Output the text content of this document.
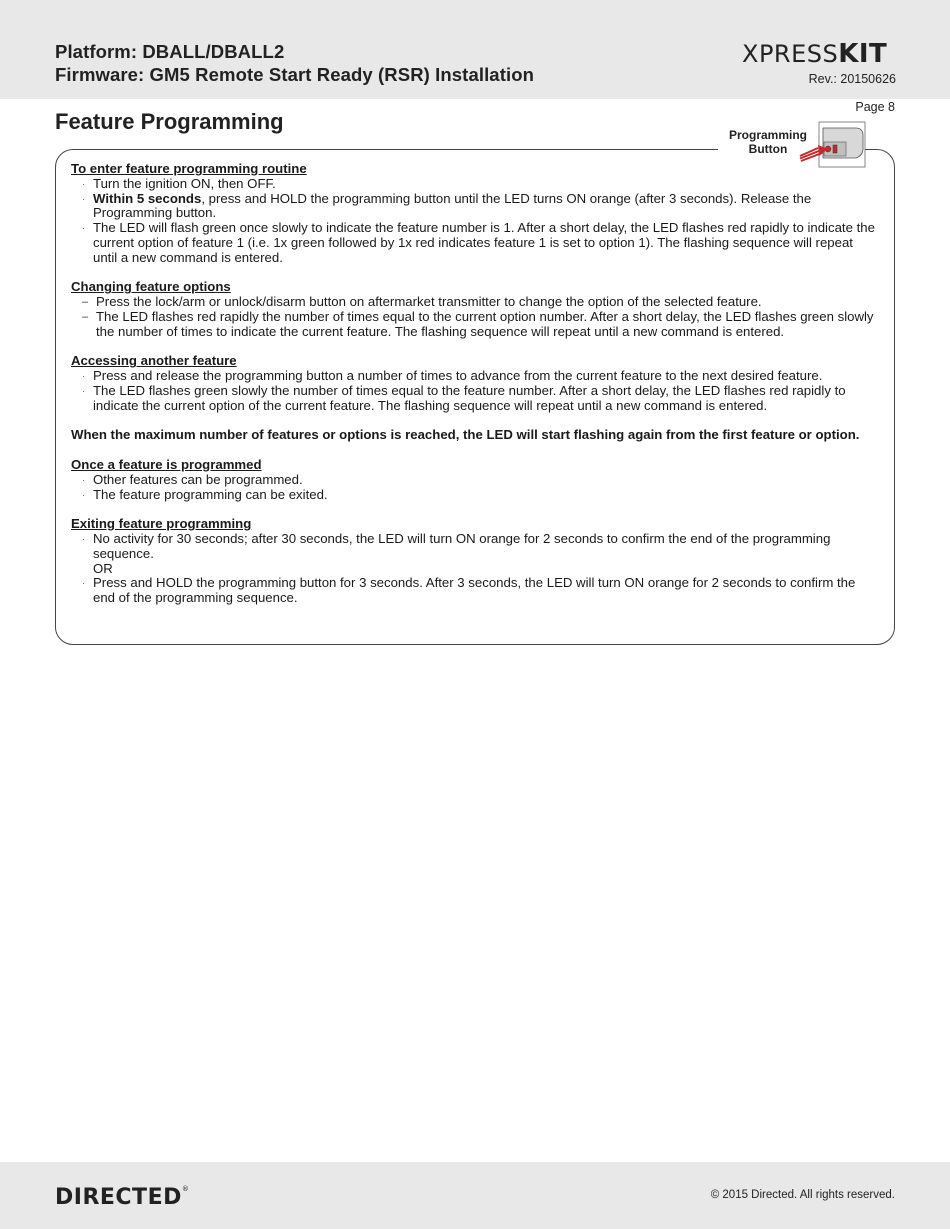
Platform: DBALL/DBALL2
Firmware: GM5 Remote Start Ready (RSR) Installation
XPRESSKIT
Rev.: 20150626
Page 8
Feature Programming
Programming
Button
To enter feature programming routine
· Turn the ignition ON, then OFF.
· Within 5 seconds, press and HOLD the programming button until the LED turns ON orange (after 3 seconds). Release the
Programming button.
· The LED will flash green once slowly to indicate the feature number is 1. After a short delay, the LED flashes red rapidly to indicate the
current option of feature 1 (i.e. 1x green followed by 1x red indicates feature 1 is set to option 1). The flashing sequence will repeat
until a new command is entered.
Changing feature options
– Press the lock/arm or unlock/disarm button on aftermarket transmitter to change the option of the selected feature.
– The LED flashes red rapidly the number of times equal to the current option number. After a short delay, the LED flashes green slowly
the number of times to indicate the current feature. The flashing sequence will repeat until a new command is entered.
Accessing another feature
· Press and release the programming button a number of times to advance from the current feature to the next desired feature.
· The LED flashes green slowly the number of times equal to the feature number. After a short delay, the LED flashes red rapidly to
indicate the current option of the current feature. The flashing sequence will repeat until a new command is entered.
When the maximum number of features or options is reached, the LED will start flashing again from the first feature or option.
Once a feature is programmed
· Other features can be programmed.
· The feature programming can be exited.
Exiting feature programming
· No activity for 30 seconds; after 30 seconds, the LED will turn ON orange for 2 seconds to confirm the end of the programming
sequence.
OR
· Press and HOLD the programming button for 3 seconds. After 3 seconds, the LED will turn ON orange for 2 seconds to confirm the
end of the programming sequence.
DIRECTED®	© 2015 Directed. All rights reserved.
